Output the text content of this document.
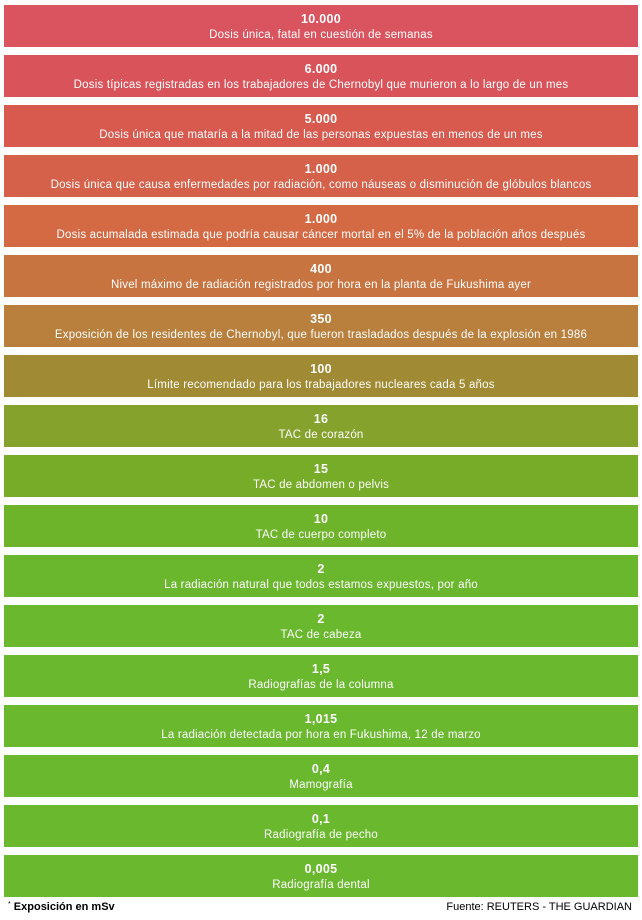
10.000
Dosis única, fatal en cuestión de semanas
6.000
Dosis típicas registradas en los trabajadores de Chernobyl que murieron a lo largo de un mes
5.000
Dosis única que mataría a la mitad de las personas expuestas en menos de un mes
1.000
Dosis única que causa enfermedades por radiación, como náuseas o disminución de glóbulos blancos
1.000
Dosis acumalada estimada que podría causar cáncer mortal en el 5% de la población años después
400
Nivel máximo de radiación registrados por hora en la planta de Fukushima ayer
350
Exposición de los residentes de Chernobyl, que fueron trasladados después de la explosión en 1986
100
Límite recomendado para los trabajadores nucleares cada 5 años
16
TAC de corazón
15
TAC de abdomen o pelvis
10
TAC de cuerpo completo
2
La radiación natural que todos estamos expuestos, por año
2
TAC de cabeza
1,5
Radiografías de la columna
1,015
La radiación detectada por hora en Fukushima, 12 de marzo
0,4
Mamografía
0,1
Radiografía de pecho
0,005
Radiografía dental
* Exposición en mSv	Fuente: REUTERS - THE GUARDIAN
